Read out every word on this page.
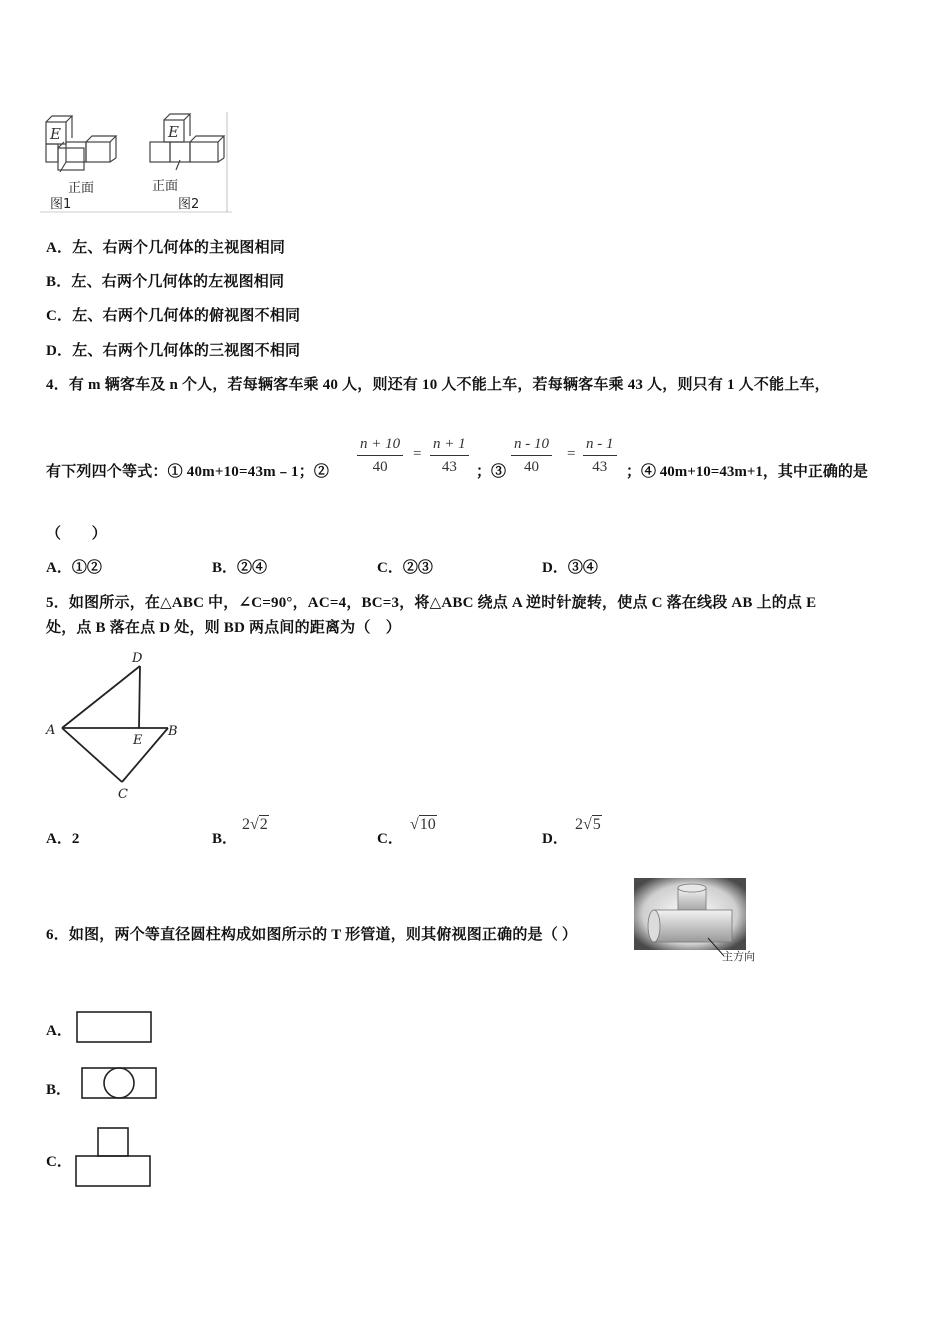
E
正面
图1
E
正面
图2
A．左、右两个几何体的主视图相同
B．左、右两个几何体的左视图相同
C．左、右两个几何体的俯视图不相同
D．左、右两个几何体的三视图不相同
4．有 m 辆客车及 n 个人，若每辆客车乘 40 人，则还有 10 人不能上车，若每辆客车乘 43 人，则只有 1 人不能上车，
有下列四个等式：① 40m+10=43m﹣1；② $\frac{n + 10}{40} = \frac{n + 1}{43}$ ；③ $\frac{n - 10}{40} = \frac{n - 1}{43}$ ；④ 40m+10=43m+1，其中正确的是
（　　）
A．①②	B．②④	C．②③	D．③④
5．如图所示，在△ABC 中，∠C=90°，AC=4，BC=3，将△ABC 绕点 A 逆时针旋转，使点 C 落在线段 AB 上的点 E
处，点 B 落在点 D 处，则 BD 两点间的距离为（　）
D
A
E
B
C
A．2	B．
2√2
C．
√10
D．
2√5
6．如图，两个等直径圆柱构成如图所示的 T 形管道，则其俯视图正确的是（ ）
主方向
A．
B．
C．
